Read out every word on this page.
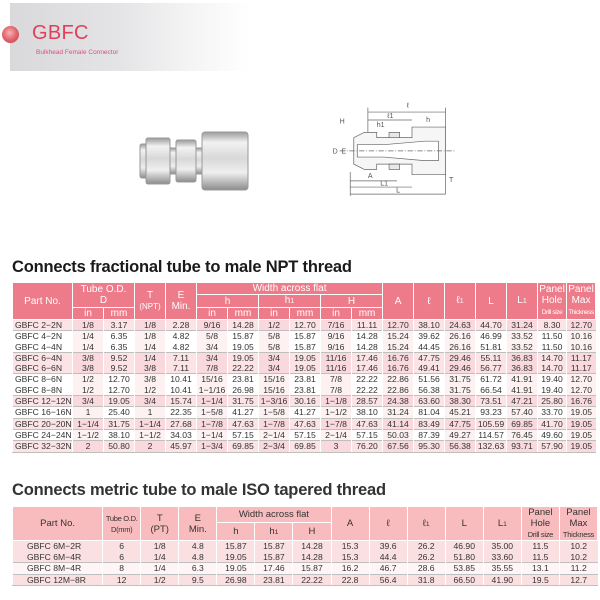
GBFC
Bulkhead Female Connector
ℓ
ℓ1
H
h1
h
D E
A
L1
L
T
Connects fractional tube to male NPT thread
Part No.	Tube O.D.
D		T
(NPT)	E
Min.	Width across flat						A	ℓ	ℓ1	L	L1	Panel
Hole
Drill size	Panel
Max
Thickness
					h		h1		H								
	in	mm			in	mm	in	mm	in	mm							
GBFC 2−2N	1/8	3.17	1/8	2.28	9/16	14.28	1/2	12.70	7/16	11.11	12.70	38.10	24.63	44.70	31.24	8.30	12.70
GBFC 4−2N	1/4	6.35	1/8	4.82	5/8	15.87	5/8	15.87	9/16	14.28	15.24	39.62	26.16	46.99	33.52	11.50	10.16
GBFC 4−4N	1/4	6.35	1/4	4.82	3/4	19.05	5/8	15.87	9/16	14.28	15.24	44.45	26.16	51.81	33.52	11.50	10.16
GBFC 6−4N	3/8	9.52	1/4	7.11	3/4	19.05	3/4	19.05	11/16	17.46	16.76	47.75	29.46	55.11	36.83	14.70	11.17
GBFC 6−6N	3/8	9.52	3/8	7.11	7/8	22.22	3/4	19.05	11/16	17.46	16.76	49.41	29.46	56.77	36.83	14.70	11.17
GBFC 8−6N	1/2	12.70	3/8	10.41	15/16	23.81	15/16	23.81	7/8	22.22	22.86	51.56	31.75	61.72	41.91	19.40	12.70
GBFC 8−8N	1/2	12.70	1/2	10.41	1−1/16	26.98	15/16	23.81	7/8	22.22	22.86	56.38	31.75	66.54	41.91	19.40	12.70
GBFC 12−12N	3/4	19.05	3/4	15.74	1−1/4	31.75	1−3/16	30.16	1−1/8	28.57	24.38	63.60	38.30	73.51	47.21	25.80	16.76
GBFC 16−16N	1	25.40	1	22.35	1−5/8	41.27	1−5/8	41.27	1−1/2	38.10	31.24	81.04	45.21	93.23	57.40	33.70	19.05
GBFC 20−20N	1−1/4	31.75	1−1/4	27.68	1−7/8	47.63	1−7/8	47.63	1−7/8	47.63	41.14	83.49	47.75	105.59	69.85	41.70	19.05
GBFC 24−24N	1−1/2	38.10	1−1/2	34.03	1−1/4	57.15	2−1/4	57.15	2−1/4	57.15	50.03	87.39	49.27	114.57	76.45	49.60	19.05
GBFC 32−32N	2	50.80	2	45.97	1−3/4	69.85	2−3/4	69.85	3	76.20	67.56	95.30	56.38	132.63	93.71	57.90	19.05
Connects metric tube to male ISO tapered thread
Part No.	Tube O.D.
D(mm)	T
(PT)	E
Min.	Width across flat			A	ℓ	ℓ1	L	L1	Panel
Hole
Drill size	Panel
Max
Thickness
				h	h1	H							
GBFC 6M−2R	6	1/8	4.8	15.87	15.87	14.28	15.3	39.6	26.2	46.90	35.00	11.5	10.2
GBFC 6M−4R	6	1/4	4.8	19.05	15.87	14.28	15.3	44.4	26.2	51.80	33.60	11.5	10.2
GBFC 8M−4R	8	1/4	6.3	19.05	17.46	15.87	16.2	46.7	28.6	53.85	35.55	13.1	11.2
GBFC 12M−8R	12	1/2	9.5	26.98	23.81	22.22	22.8	56.4	31.8	66.50	41.90	19.5	12.7
